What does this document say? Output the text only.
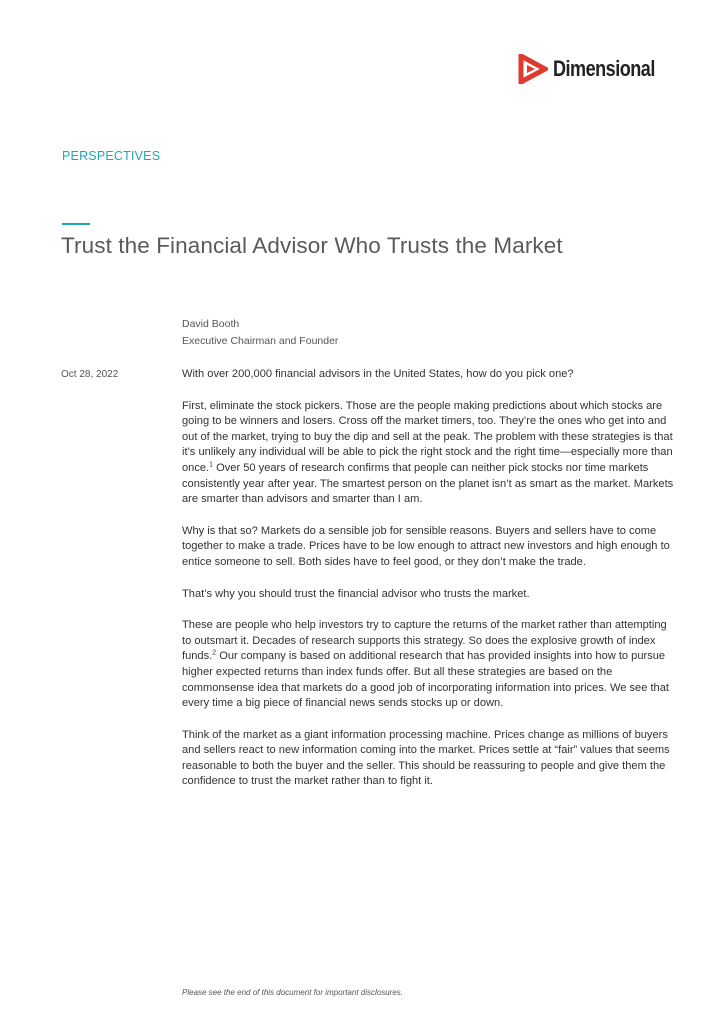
Dimensional
PERSPECTIVES
Trust the Financial Advisor Who Trusts the Market
David Booth
Executive Chairman and Founder
Oct 28, 2022	With over 200,000 financial advisors in the United States, how do you pick one?

First, eliminate the stock pickers. Those are the people making predictions about which stocks are going to be winners and losers. Cross off the market timers, too. They’re the ones who get into and out of the market, trying to buy the dip and sell at the peak. The problem with these strategies is that it’s unlikely any individual will be able to pick the right stock and the right time—especially more than once.$^1$ Over 50 years of research confirms that people can neither pick stocks nor time markets consistently year after year. The smartest person on the planet isn’t as smart as the market. Markets are smarter than advisors and smarter than I am.

Why is that so? Markets do a sensible job for sensible reasons. Buyers and sellers have to come together to make a trade. Prices have to be low enough to attract new investors and high enough to entice someone to sell. Both sides have to feel good, or they don’t make the trade.

That’s why you should trust the financial advisor who trusts the market.

These are people who help investors try to capture the returns of the market rather than attempting to outsmart it. Decades of research supports this strategy. So does the explosive growth of index funds.$^2$ Our company is based on additional research that has provided insights into how to pursue higher expected returns than index funds offer. But all these strategies are based on the commonsense idea that markets do a good job of incorporating information into prices. We see that every time a big piece of financial news sends stocks up or down.

Think of the market as a giant information processing machine. Prices change as millions of buyers and sellers react to new information coming into the market. Prices settle at “fair” values that seems reasonable to both the buyer and the seller. This should be reassuring to people and give them the confidence to trust the market rather than to fight it.

Please see the end of this document for important disclosures.
